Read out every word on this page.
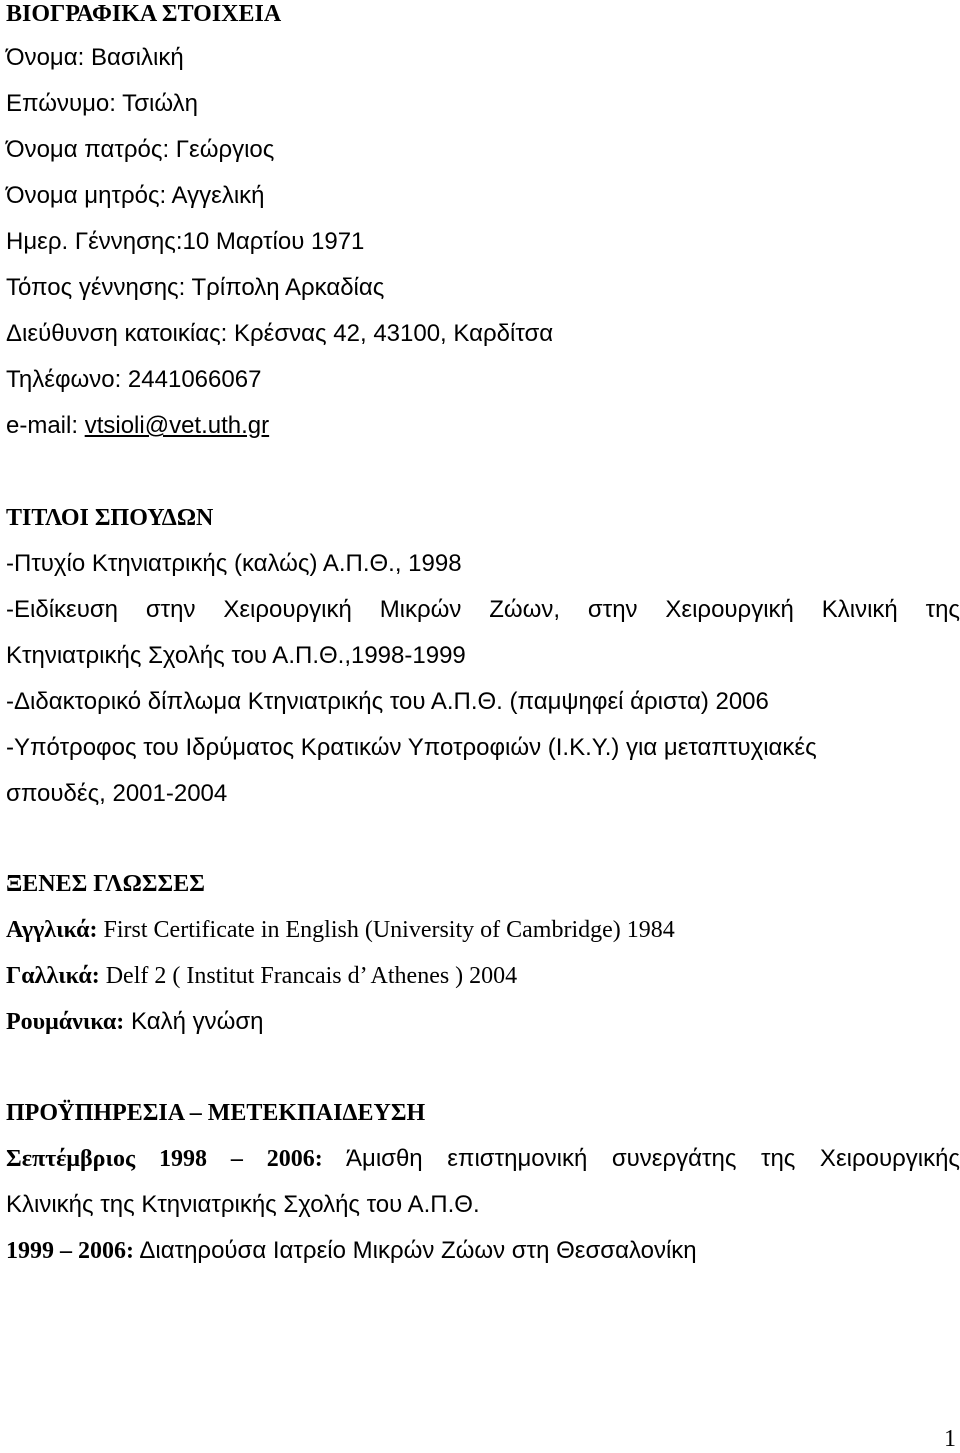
ΒΙΟΓΡΑΦΙΚΑ ΣΤΟΙΧΕΙΑ
Όνομα: Βασιλική
Επώνυμο: Τσιώλη
Όνομα πατρός: Γεώργιος
Όνομα μητρός: Αγγελική
Ημερ. Γέννησης:10 Μαρτίου 1971
Τόπος γέννησης: Τρίπολη Αρκαδίας
Διεύθυνση κατοικίας: Κρέσνας 42, 43100, Καρδίτσα
Τηλέφωνο: 2441066067
e-mail: vtsioli@vet.uth.gr
ΤΙΤΛΟΙ ΣΠΟΥΔΩΝ
-Πτυχίο Κτηνιατρικής (καλώς) Α.Π.Θ., 1998
-Ειδίκευση στην Χειρουργική Μικρών Ζώων, στην Χειρουργική Κλινική της
Κτηνιατρικής Σχολής του Α.Π.Θ.,1998-1999
-Διδακτορικό δίπλωμα Κτηνιατρικής του Α.Π.Θ. (παμψηφεί άριστα) 2006
-Υπότροφος του Ιδρύματος Κρατικών Υποτροφιών (Ι.Κ.Υ.) για μεταπτυχιακές
σπουδές, 2001-2004
ΞΕΝΕΣ ΓΛΩΣΣΕΣ
Αγγλικά: First Certificate in English (University of Cambridge) 1984
Γαλλικά: Delf 2 ( Institut Francais d’ Athenes ) 2004
Ρουμάνικα: Καλή γνώση
ΠΡΟΫΠΗΡΕΣΙΑ – ΜΕΤΕΚΠΑΙΔΕΥΣΗ
Σεπτέμβριος 1998 – 2006: Άμισθη επιστημονική συνεργάτης της Χειρουργικής
Κλινικής της Κτηνιατρικής Σχολής του Α.Π.Θ.
1999 – 2006: Διατηρούσα Ιατρείο Μικρών Ζώων στη Θεσσαλονίκη
1
